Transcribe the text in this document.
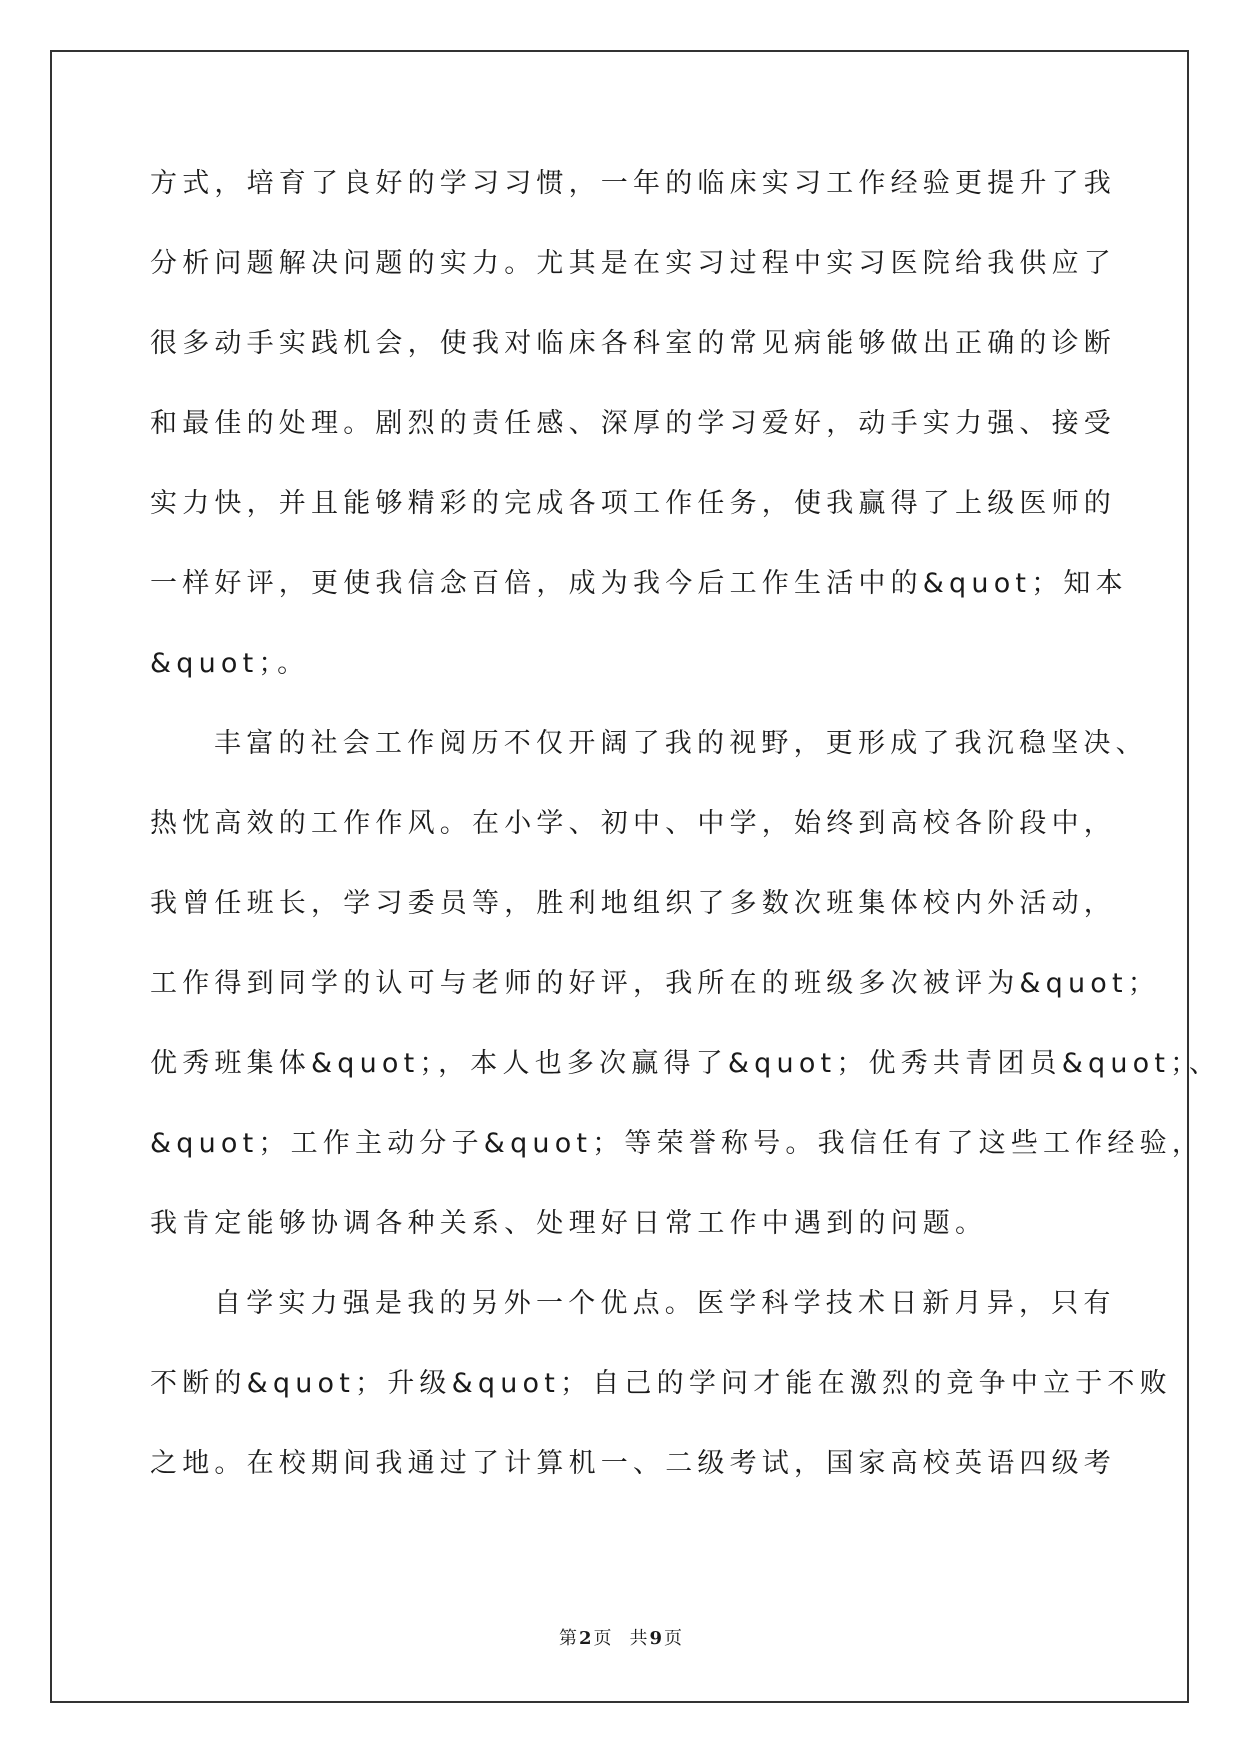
方式，培育了良好的学习习惯，一年的临床实习工作经验更提升了我
分析问题解决问题的实力。尤其是在实习过程中实习医院给我供应了
很多动手实践机会，使我对临床各科室的常见病能够做出正确的诊断
和最佳的处理。剧烈的责任感、深厚的学习爱好，动手实力强、接受
实力快，并且能够精彩的完成各项工作任务，使我赢得了上级医师的
一样好评，更使我信念百倍，成为我今后工作生活中的&quot；知本
&quot；。
丰富的社会工作阅历不仅开阔了我的视野，更形成了我沉稳坚决、
热忱高效的工作作风。在小学、初中、中学，始终到高校各阶段中，
我曾任班长，学习委员等，胜利地组织了多数次班集体校内外活动，
工作得到同学的认可与老师的好评，我所在的班级多次被评为&quot；
优秀班集体&quot；，本人也多次赢得了&quot；优秀共青团员&quot；、
&quot；工作主动分子&quot；等荣誉称号。我信任有了这些工作经验，
我肯定能够协调各种关系、处理好日常工作中遇到的问题。
自学实力强是我的另外一个优点。医学科学技术日新月异，只有
不断的&quot；升级&quot；自己的学问才能在激烈的竞争中立于不败
之地。在校期间我通过了计算机一、二级考试，国家高校英语四级考
第 2 页 共 9 页
